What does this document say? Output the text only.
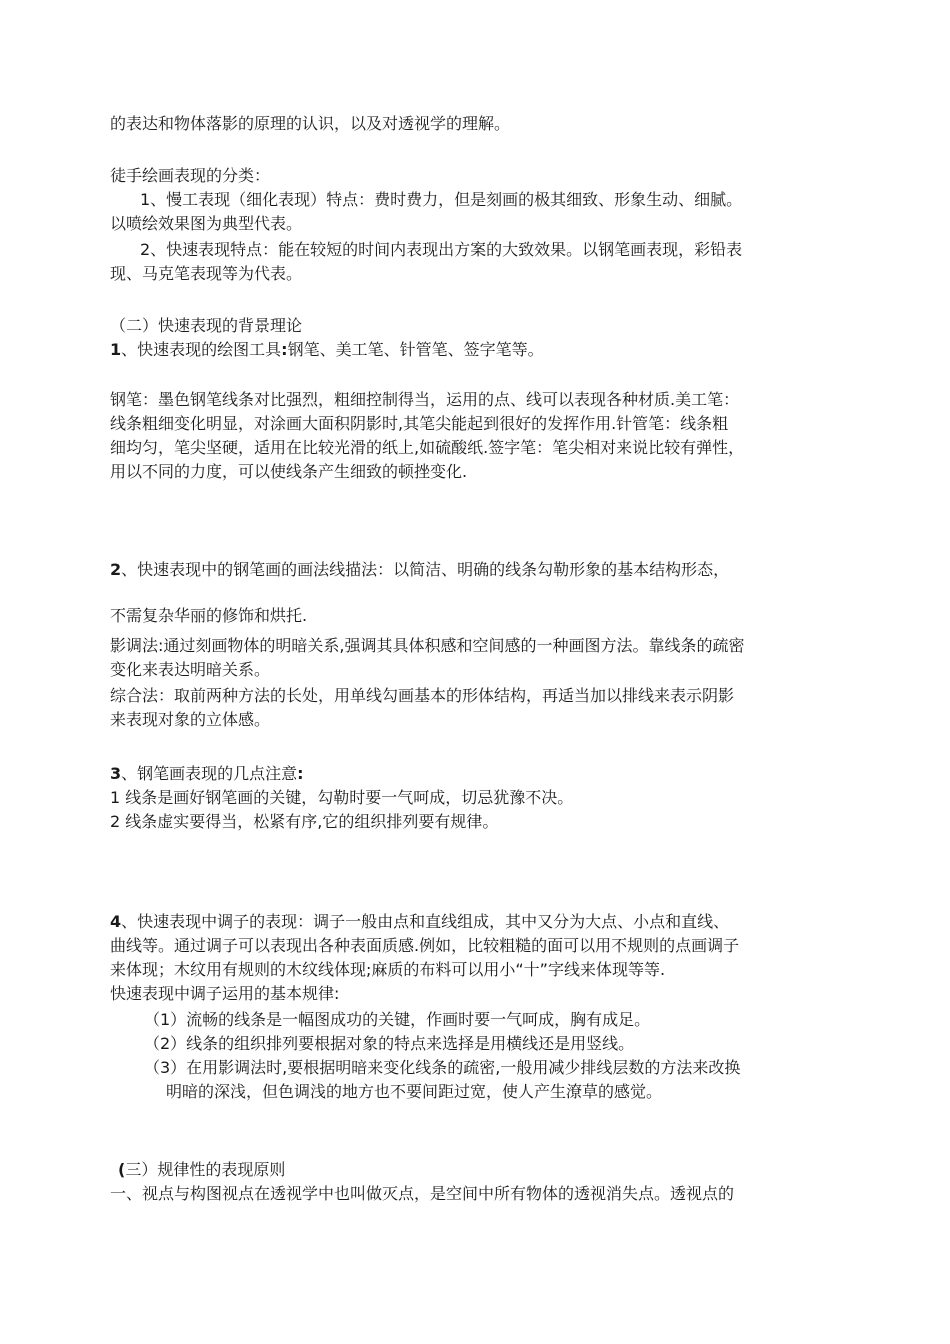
的表达和物体落影的原理的认识，以及对透视学的理解。
徒手绘画表现的分类：
1、慢工表现（细化表现）特点：费时费力，但是刻画的极其细致、形象生动、细腻。
以喷绘效果图为典型代表。
2、快速表现特点：能在较短的时间内表现出方案的大致效果。以钢笔画表现，彩铅表
现、马克笔表现等为代表。
（二）快速表现的背景理论
1、快速表现的绘图工具:钢笔、美工笔、针管笔、签字笔等。
钢笔：墨色钢笔线条对比强烈，粗细控制得当，运用的点、线可以表现各种材质.美工笔：
线条粗细变化明显，对涂画大面积阴影时,其笔尖能起到很好的发挥作用.针管笔：线条粗
细均匀，笔尖坚硬，适用在比较光滑的纸上,如硫酸纸.签字笔：笔尖相对来说比较有弹性，
用以不同的力度，可以使线条产生细致的顿挫变化.
2、快速表现中的钢笔画的画法线描法：以简洁、明确的线条勾勒形象的基本结构形态，
不需复杂华丽的修饰和烘托.
影调法:通过刻画物体的明暗关系,强调其具体积感和空间感的一种画图方法。靠线条的疏密
变化来表达明暗关系。
综合法：取前两种方法的长处，用单线勾画基本的形体结构，再适当加以排线来表示阴影
来表现对象的立体感。
3、钢笔画表现的几点注意:
1 线条是画好钢笔画的关键，勾勒时要一气呵成，切忌犹豫不决。
2 线条虚实要得当，松紧有序,它的组织排列要有规律。
4、快速表现中调子的表现：调子一般由点和直线组成，其中又分为大点、小点和直线、
曲线等。通过调子可以表现出各种表面质感.例如，比较粗糙的面可以用不规则的点画调子
来体现；木纹用有规则的木纹线体现;麻质的布料可以用小“十”字线来体现等等.
快速表现中调子运用的基本规律:
（1）流畅的线条是一幅图成功的关键，作画时要一气呵成，胸有成足。
（2）线条的组织排列要根据对象的特点来选择是用横线还是用竖线。
（3）在用影调法时,要根据明暗来变化线条的疏密,一般用减少排线层数的方法来改换
明暗的深浅，但色调浅的地方也不要间距过宽，使人产生潦草的感觉。
(三）规律性的表现原则
一、视点与构图视点在透视学中也叫做灭点，是空间中所有物体的透视消失点。透视点的
